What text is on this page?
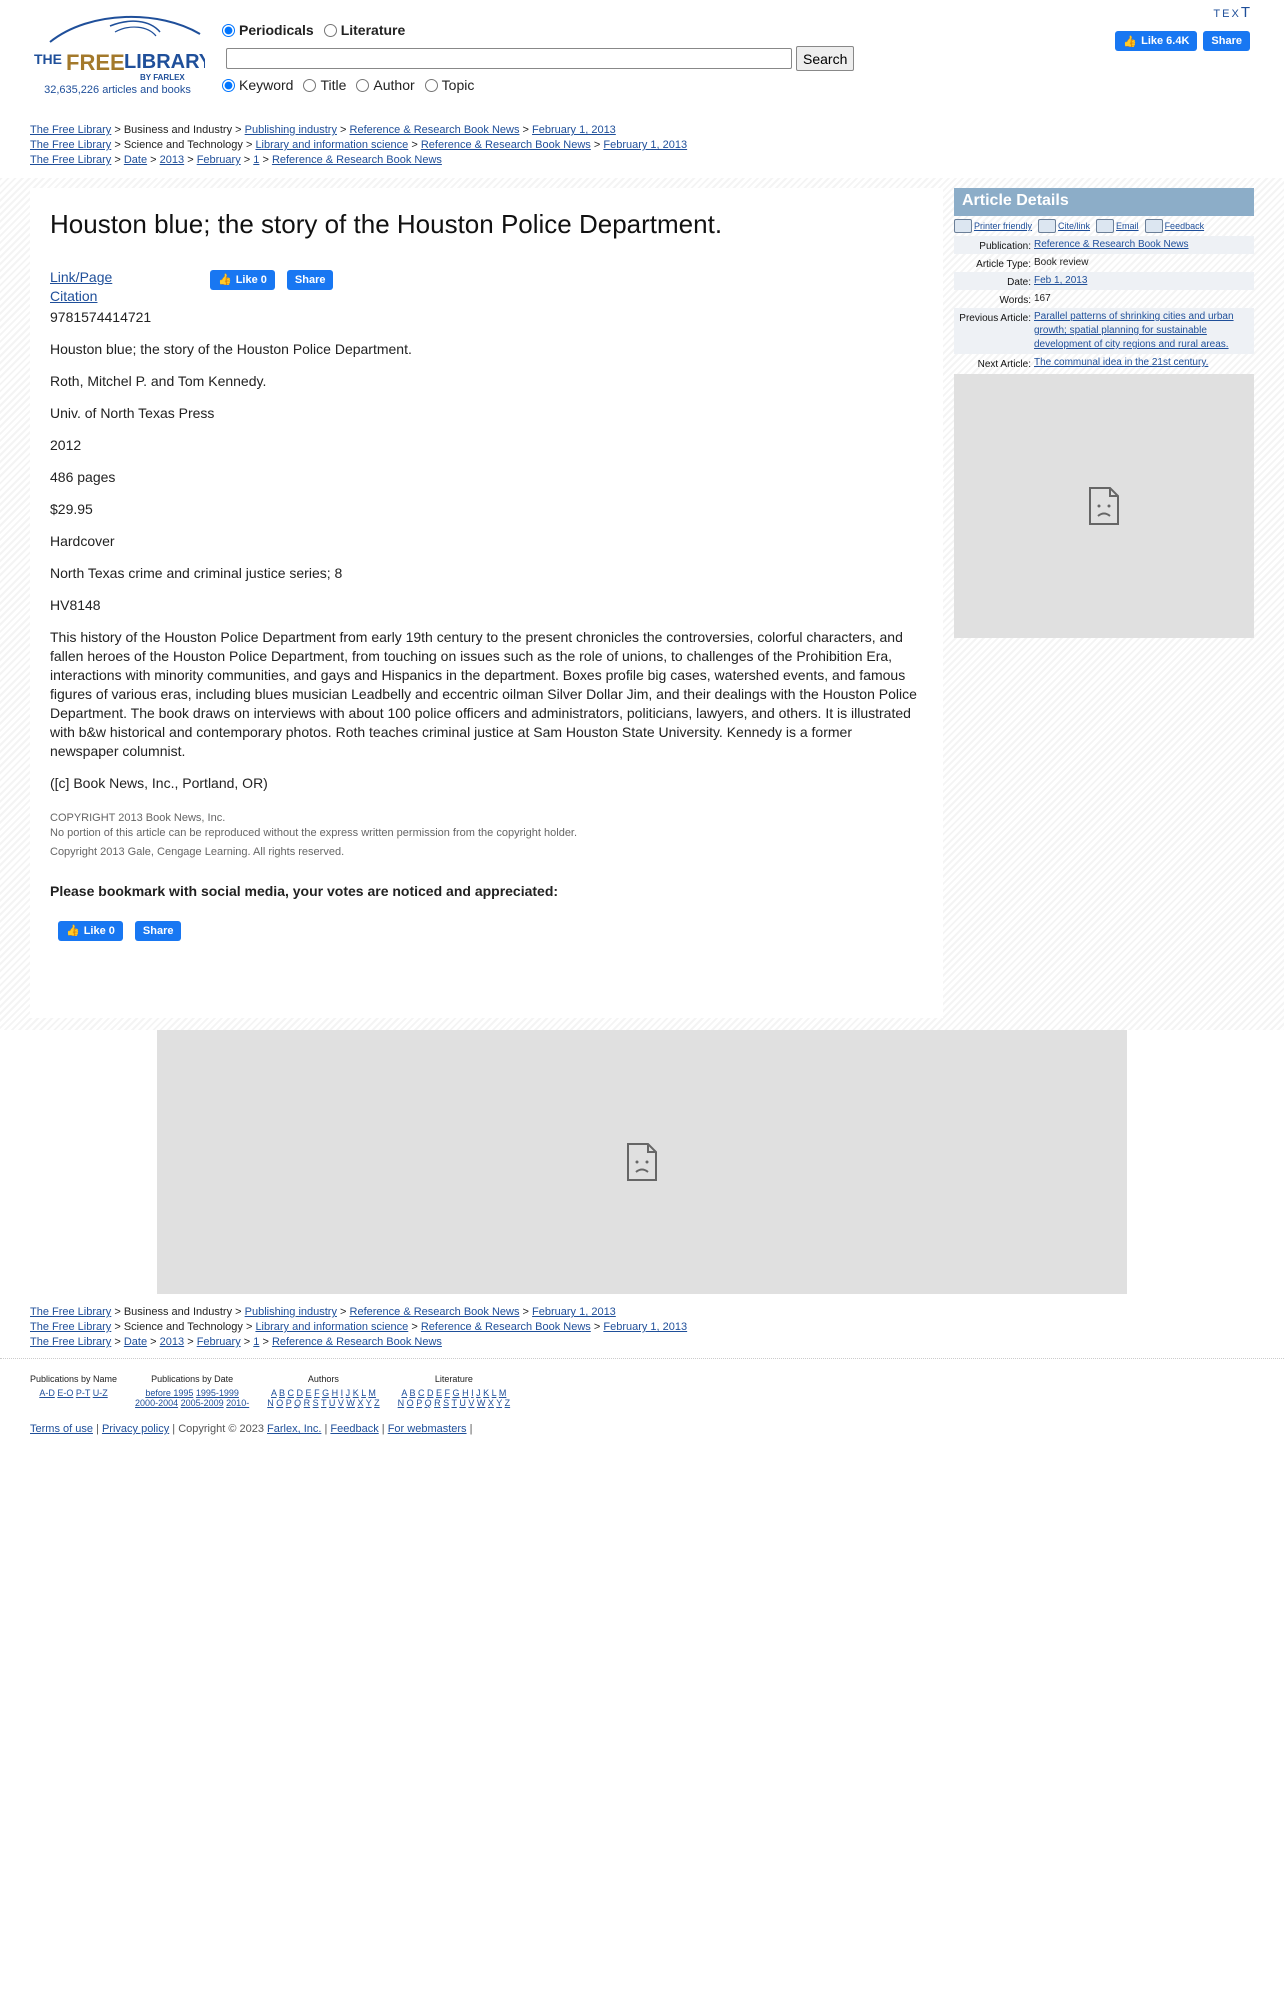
THE FREE LIBRARY
BY FARLEX
32,635,226 articles and books
Periodicals Literature
Search
Keyword Title Author Topic
TEXT
👍 Like 6.4K	Share
The Free Library > Business and Industry > Publishing industry > Reference & Research Book News > February 1, 2013
The Free Library > Science and Technology > Library and information science > Reference & Research Book News > February 1, 2013
The Free Library > Date > 2013 > February > 1 > Reference & Research Book News
Houston blue; the story of the Houston Police Department.
Link/Page
Citation
👍 Like 0	Share

9781574414721

Houston blue; the story of the Houston Police Department.

Roth, Mitchel P. and Tom Kennedy.

Univ. of North Texas Press

2012

486 pages

$29.95

Hardcover

North Texas crime and criminal justice series; 8

HV8148

This history of the Houston Police Department from early 19th century to the present chronicles the controversies, colorful characters, and fallen heroes of the Houston Police Department, from touching on issues such as the role of unions, to challenges of the Prohibition Era, interactions with minority communities, and gays and Hispanics in the department. Boxes profile big cases, watershed events, and famous figures of various eras, including blues musician Leadbelly and eccentric oilman Silver Dollar Jim, and their dealings with the Houston Police Department. The book draws on interviews with about 100 police officers and administrators, politicians, lawyers, and others. It is illustrated with b&w historical and contemporary photos. Roth teaches criminal justice at Sam Houston State University. Kennedy is a former newspaper columnist.

([c] Book News, Inc., Portland, OR)

COPYRIGHT 2013 Book News, Inc.
No portion of this article can be reproduced without the express written permission from the copyright holder.
Copyright 2013 Gale, Cengage Learning. All rights reserved.
Please bookmark with social media, your votes are noticed and appreciated:
👍 Like 0	Share
Article Details
Printer friendly	Cite/link	Email	Feedback
Publication: Reference & Research Book News
Article Type: Book review
Date: Feb 1, 2013
Words: 167
Previous Article: Parallel patterns of shrinking cities and urban growth; spatial planning for sustainable development of city regions and rural areas.
Next Article: The communal idea in the 21st century.
The Free Library > Business and Industry > Publishing industry > Reference & Research Book News > February 1, 2013
The Free Library > Science and Technology > Library and information science > Reference & Research Book News > February 1, 2013
The Free Library > Date > 2013 > February > 1 > Reference & Research Book News
Publications by Name
A-D E-O P-T U-Z
Publications by Date
before 1995 1995-1999
2000-2004 2005-2009 2010-
Authors
A B C D E F G H I J K L M
N O P Q R S T U V W X Y Z
Literature
A B C D E F G H I J K L M
N O P Q R S T U V W X Y Z
Terms of use | Privacy policy | Copyright © 2023 Farlex, Inc. | Feedback | For webmasters |
